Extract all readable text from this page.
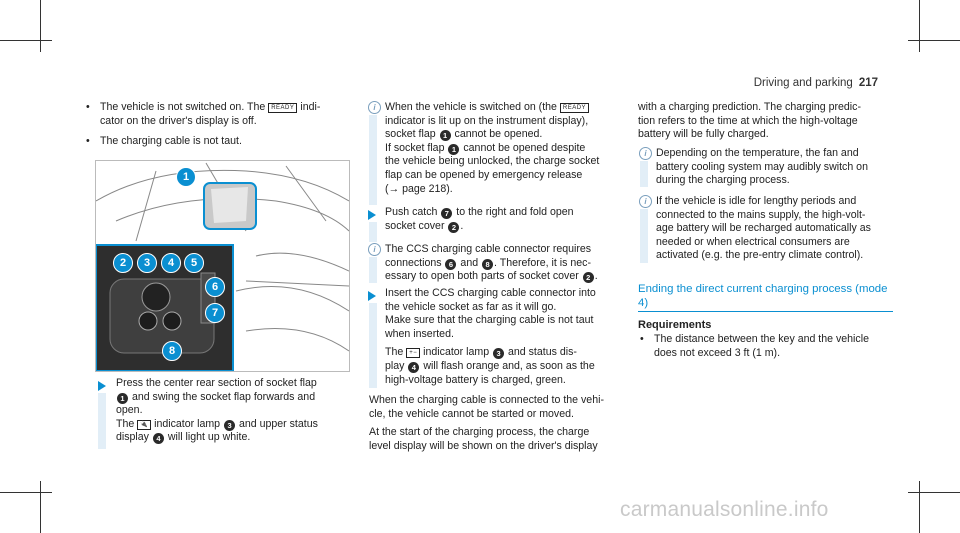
Driving and parking 217
• The vehicle is not switched on. The READY indi-
cator on the driver's display is off.
• The charging cable is not taut.
1
2	3	4	5
6
7
8

Press the center rear section of socket flap

1 and swing the socket flap forwards and

open.

The 🔌 indicator lamp 3 and upper status

display 4 will light up white.

i When the vehicle is switched on (the READY

indicator is lit up on the instrument display),

socket flap 1 cannot be opened.

If socket flap 1 cannot be opened despite

the vehicle being unlocked, the charge socket

flap can be opened by emergency release

(→ page 218).

Push catch 7 to the right and fold open

socket cover 2 .

i The CCS charging cable connector requires

connections 6 and 8 . Therefore, it is nec-

essary to open both parts of socket cover 2 .

Insert the CCS charging cable connector into

the vehicle socket as far as it will go.

Make sure that the charging cable is not taut

when inserted.

The +− indicator lamp 3 and status dis-

play 4 will flash orange and, as soon as the

high-voltage battery is charged, green.

When the charging cable is connected to the vehi-

cle, the vehicle cannot be started or moved.

At the start of the charging process, the charge

level display will be shown on the driver's display

with a charging prediction. The charging predic-

tion refers to the time at which the high-voltage

battery will be fully charged.

i Depending on the temperature, the fan and

battery cooling system may audibly switch on

during the charging process.

i If the vehicle is idle for lengthy periods and

connected to the mains supply, the high-volt-

age battery will be recharged automatically as

needed or when electrical consumers are

activated (e.g. the pre-entry climate control).

Ending the direct current charging process (mode

4)

Requirements

• The distance between the key and the vehicle

does not exceed 3 ft (1 m).

carmanualsonline.info
